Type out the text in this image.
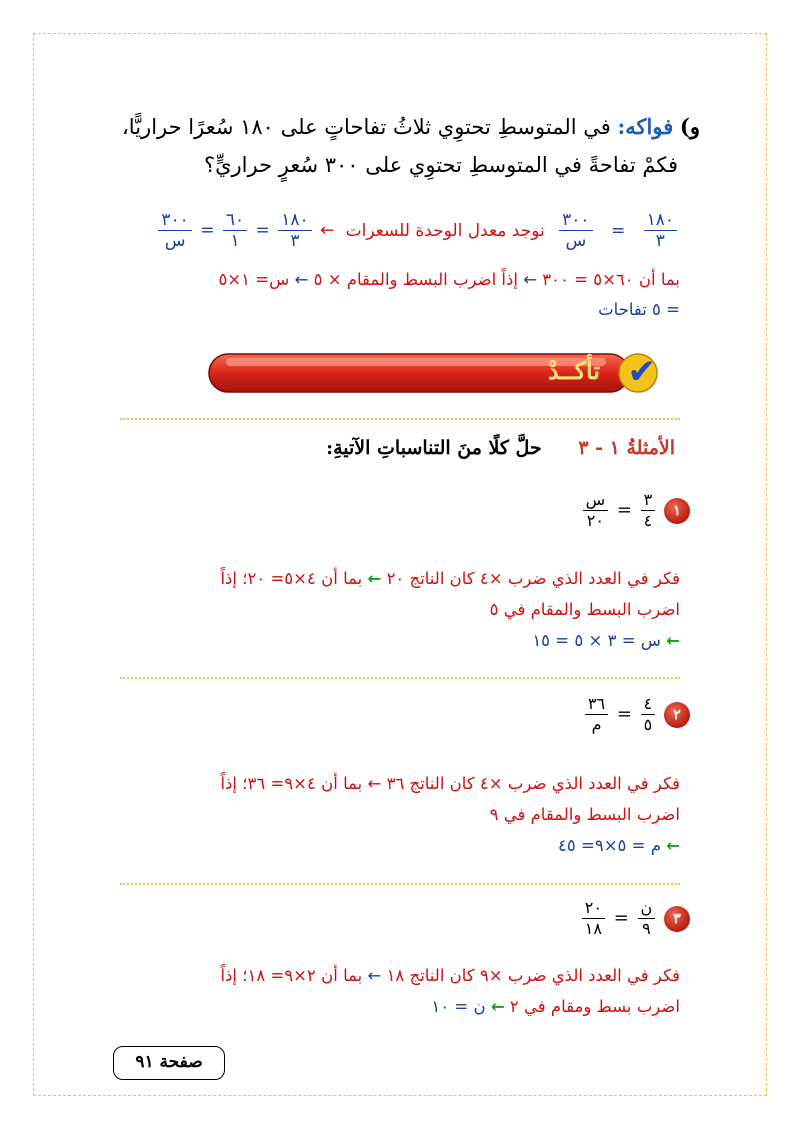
و) فواكه: في المتوسطِ تحتوِي ثلاثُ تفاحاتٍ على ١٨٠ سُعرًا حراريًّا،
فكمْ تفاحةً في المتوسطِ تحتوِي على ٣٠٠ سُعرٍ حراريٍّ؟
$\frac{١٨٠}{٣}$
=
$\frac{٣٠٠}{\text{س}}$
نوجد معدل الوحدة للسعرات ←
$\frac{١٨٠}{٣}$
=
$\frac{٦٠}{١}$
=
$\frac{٣٠٠}{\text{س}}$
بما أن ٦٠×٥ = ٣٠٠ ← إذاً اضرب البسط والمقام × ٥ ← س= ١×٥
= ٥ تفاحات
✔
تأكــدْ
الأمثلةُ ١ - ٣ حلَّ كلًا منَ التناسباتِ الآتيةِ:
١
$\frac{٣}{٤}$
=
$\frac{\text{س}}{٢٠}$
فكر في العدد الذي ضرب ×٤ كان الناتج ٢٠ ← بما أن ٤×٥= ٢٠؛ إذاً
اضرب البسط والمقام في ٥
← س = ٣ × ٥ = ١٥
٢
$\frac{٤}{٥}$
=
$\frac{٣٦}{\text{م}}$
فكر في العدد الذي ضرب ×٤ كان الناتج ٣٦ ← بما أن ٤×٩= ٣٦؛ إذاً
اضرب البسط والمقام في ٩
← م = ٥×٩= ٤٥
٣
$\frac{\text{ن}}{٩}$
=
$\frac{٢٠}{١٨}$
فكر في العدد الذي ضرب ×٩ كان الناتج ١٨ ← بما أن ٢×٩= ١٨؛ إذاً
اضرب بسط ومقام في ٢ ← ن = ١٠
صفحة ٩١
